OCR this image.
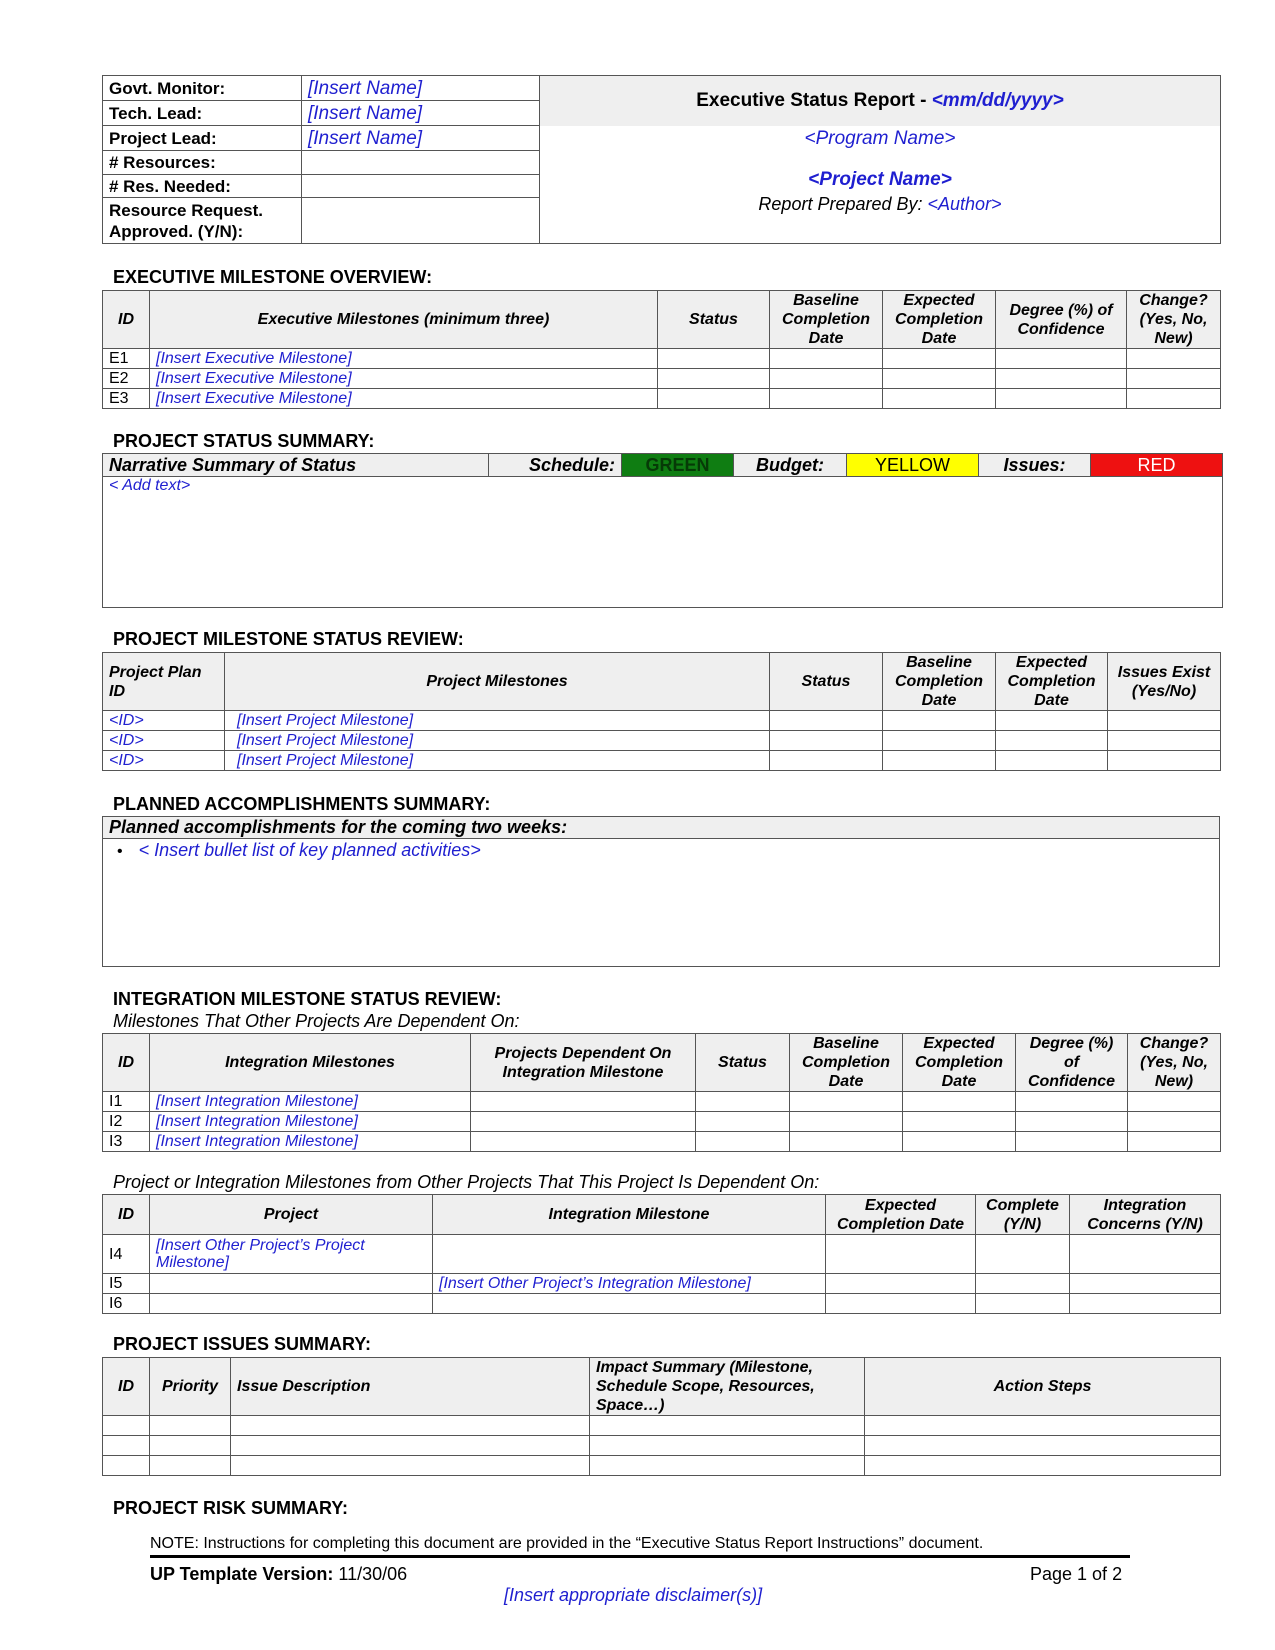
Govt. Monitor:	[Insert Name]	Executive Status Report - <mm/dd/yyyy>
Tech. Lead:	[Insert Name]	
Project Lead:	[Insert Name]	<Program Name>
<Project Name>
Report Prepared By: <Author>

# Resources:		
# Res. Needed:		

Resource Request.
Approved. (Y/N):		

EXECUTIVE MILESTONE OVERVIEW:
ID	Executive Milestones (minimum three)	Status	Baseline Completion Date	Expected Completion Date	Degree (%) of Confidence	Change? (Yes, No, New)
E1	[Insert Executive Milestone]					
E2	[Insert Executive Milestone]					
E3	[Insert Executive Milestone]					
PROJECT STATUS SUMMARY:
Narrative Summary of Status	Schedule:	GREEN	Budget:	YELLOW	Issues:	RED
< Add text>
PROJECT MILESTONE STATUS REVIEW:
Project Plan ID	Project Milestones	Status	Baseline Completion Date	Expected Completion Date	Issues Exist (Yes/No)
<ID>	[Insert Project Milestone]				
<ID>	[Insert Project Milestone]				
<ID>	[Insert Project Milestone]				
PLANNED ACCOMPLISHMENTS SUMMARY:
Planned accomplishments for the coming two weeks:
• < Insert bullet list of key planned activities>
INTEGRATION MILESTONE STATUS REVIEW:
Milestones That Other Projects Are Dependent On:
ID	Integration Milestones	Projects Dependent On Integration Milestone	Status	Baseline Completion Date	Expected Completion Date	Degree (%) of Confidence	Change? (Yes, No, New)
I1	[Insert Integration Milestone]						
I2	[Insert Integration Milestone]						
I3	[Insert Integration Milestone]						
Project or Integration Milestones from Other Projects That This Project Is Dependent On:
ID	Project	Integration Milestone	Expected Completion Date	Complete (Y/N)	Integration Concerns (Y/N)
I4	[Insert Other Project’s Project Milestone]				
I5		[Insert Other Project’s Integration Milestone]			
I6					
PROJECT ISSUES SUMMARY:
ID	Priority	Issue Description	Impact Summary (Milestone, Schedule Scope, Resources, Space…)	Action Steps

PROJECT RISK SUMMARY:
NOTE: Instructions for completing this document are provided in the “Executive Status Report Instructions” document.
UP Template Version: 11/30/06	Page 1 of 2
[Insert appropriate disclaimer(s)]
